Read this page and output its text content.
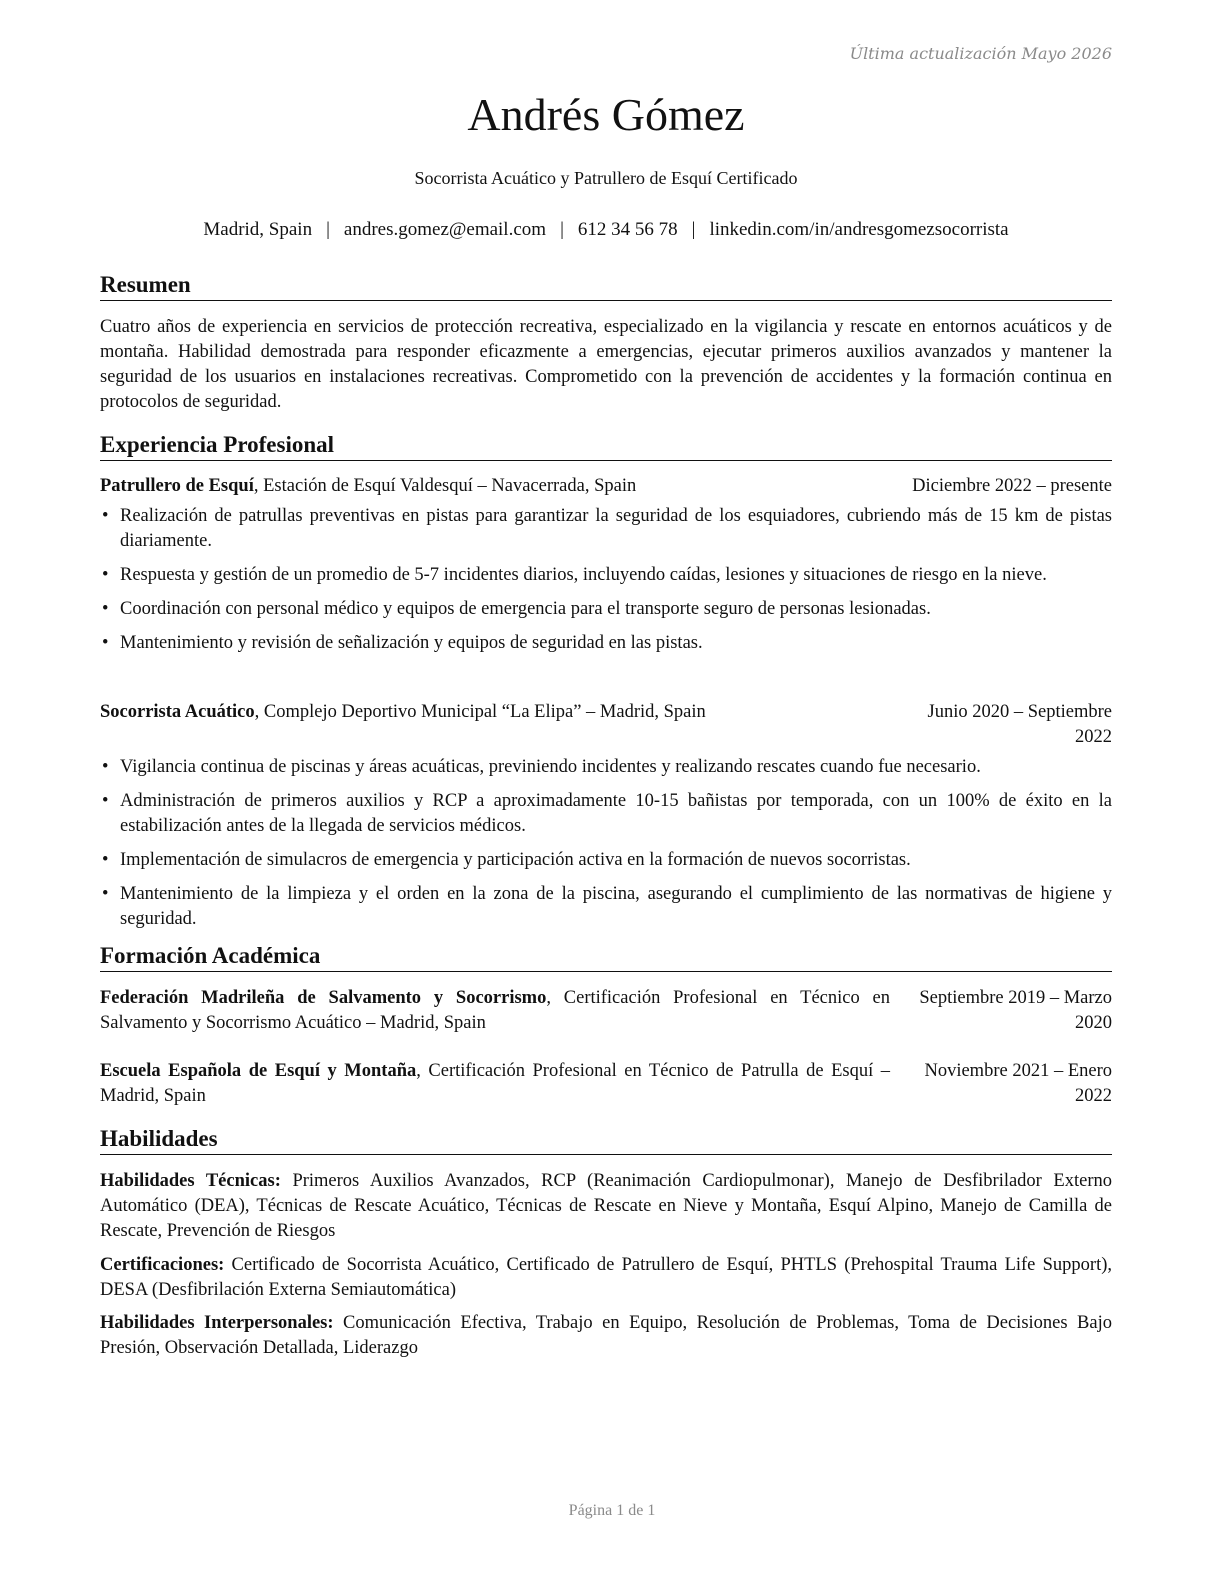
Última actualización Mayo 2026
Andrés Gómez
Socorrista Acuático y Patrullero de Esquí Certificado
Madrid, Spain | andres.gomez@email.com | 612 34 56 78 | linkedin.com/in/andresgomezsocorrista
Resumen
Cuatro años de experiencia en servicios de protección recreativa, especializado en la vigilancia y rescate en entornos acuáticos y de montaña. Habilidad demostrada para responder eficazmente a emergencias, ejecutar primeros auxilios avanzados y mantener la seguridad de los usuarios en instalaciones recreativas. Comprometido con la prevención de accidentes y la formación continua en protocolos de seguridad.
Experiencia Profesional
Patrullero de Esquí, Estación de Esquí Valdesquí – Navacerrada, Spain	Diciembre 2022 – presente
• Realización de patrullas preventivas en pistas para garantizar la seguridad de los esquiadores, cubriendo más de 15 km de pistas diariamente.
• Respuesta y gestión de un promedio de 5-7 incidentes diarios, incluyendo caídas, lesiones y situaciones de riesgo en la nieve.
• Coordinación con personal médico y equipos de emergencia para el transporte seguro de personas lesionadas.
• Mantenimiento y revisión de señalización y equipos de seguridad en las pistas.
Socorrista Acuático, Complejo Deportivo Municipal “La Elipa” – Madrid, Spain	Junio 2020 – Septiembre
2022
• Vigilancia continua de piscinas y áreas acuáticas, previniendo incidentes y realizando rescates cuando fue necesario.
• Administración de primeros auxilios y RCP a aproximadamente 10-15 bañistas por temporada, con un 100% de éxito en la estabilización antes de la llegada de servicios médicos.
• Implementación de simulacros de emergencia y participación activa en la formación de nuevos socorristas.
• Mantenimiento de la limpieza y el orden en la zona de la piscina, asegurando el cumplimiento de las normativas de higiene y seguridad.
Formación Académica
Federación Madrileña de Salvamento y Socorrismo, Certificación Profesional en Técnico en Salvamento y Socorrismo Acuático – Madrid, Spain
Septiembre 2019 – Marzo
2020
Escuela Española de Esquí y Montaña, Certificación Profesional en Técnico de Patrulla de Esquí – Madrid, Spain
Noviembre 2021 – Enero
2022
Habilidades
Habilidades Técnicas: Primeros Auxilios Avanzados, RCP (Reanimación Cardiopulmonar), Manejo de Desfibrilador Externo Automático (DEA), Técnicas de Rescate Acuático, Técnicas de Rescate en Nieve y Montaña, Esquí Alpino, Manejo de Camilla de Rescate, Prevención de Riesgos
Certificaciones: Certificado de Socorrista Acuático, Certificado de Patrullero de Esquí, PHTLS (Prehospital Trauma Life Support), DESA (Desfibrilación Externa Semiautomática)
Habilidades Interpersonales: Comunicación Efectiva, Trabajo en Equipo, Resolución de Problemas, Toma de Decisiones Bajo Presión, Observación Detallada, Liderazgo
Página 1 de 1
